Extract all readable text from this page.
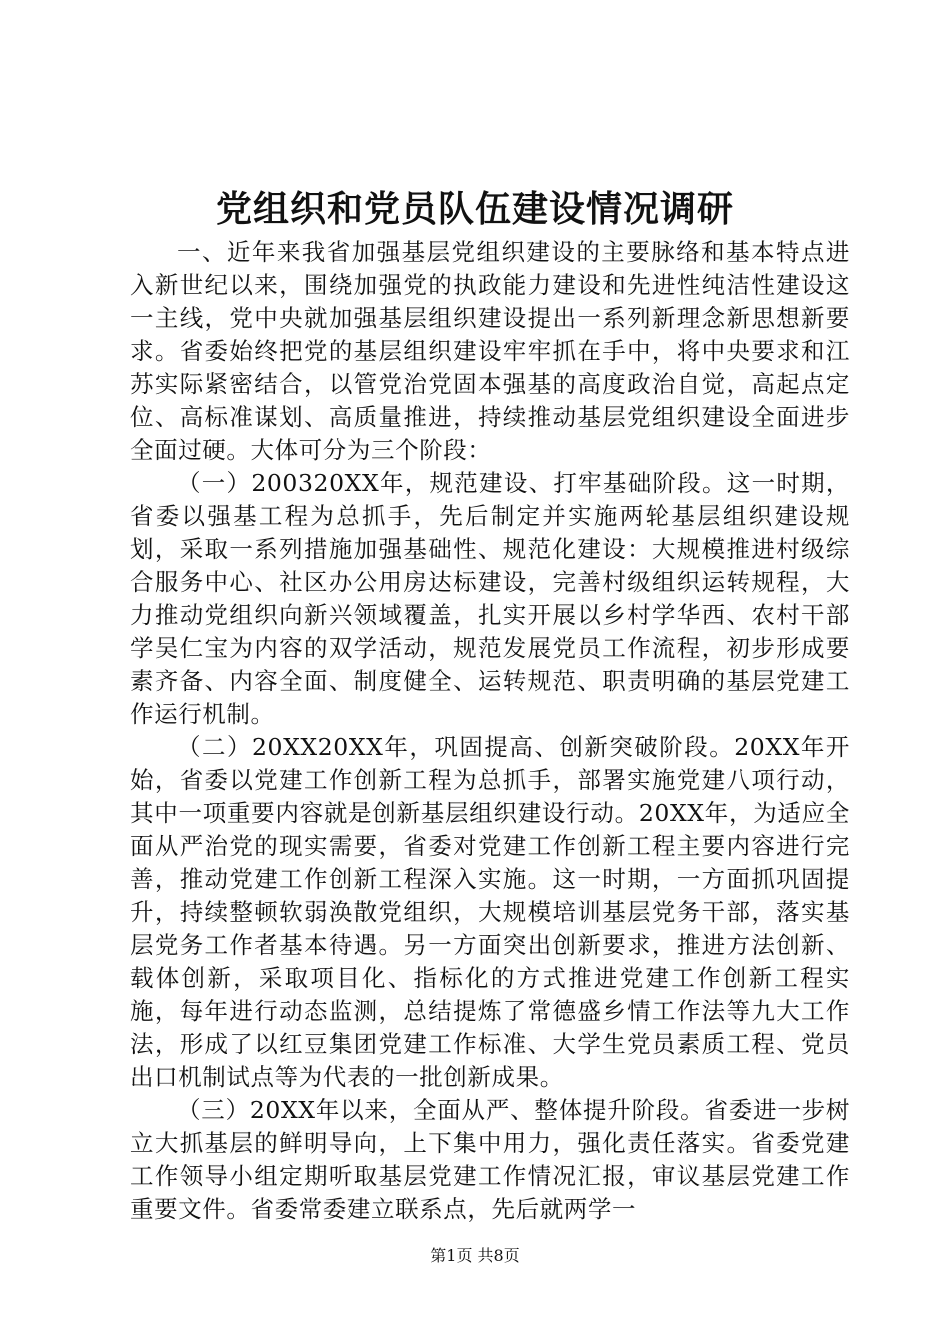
党组织和党员队伍建设情况调研

一、近年来我省加强基层党组织建设的主要脉络和基本特点进入新世纪以来，围绕加强党的执政能力建设和先进性纯洁性建设这一主线，党中央就加强基层组织建设提出一系列新理念新思想新要求。省委始终把党的基层组织建设牢牢抓在手中，将中央要求和江苏实际紧密结合，以管党治党固本强基的高度政治自觉，高起点定位、高标准谋划、高质量推进，持续推动基层党组织建设全面进步全面过硬。大体可分为三个阶段：

（一）200320XX年，规范建设、打牢基础阶段。这一时期，省委以强基工程为总抓手，先后制定并实施两轮基层组织建设规划，采取一系列措施加强基础性、规范化建设：大规模推进村级综合服务中心、社区办公用房达标建设，完善村级组织运转规程，大力推动党组织向新兴领域覆盖，扎实开展以乡村学华西、农村干部学吴仁宝为内容的双学活动，规范发展党员工作流程，初步形成要素齐备、内容全面、制度健全、运转规范、职责明确的基层党建工作运行机制。

（二）20XX20XX年，巩固提高、创新突破阶段。20XX年开始，省委以党建工作创新工程为总抓手，部署实施党建八项行动，其中一项重要内容就是创新基层组织建设行动。20XX年，为适应全面从严治党的现实需要，省委对党建工作创新工程主要内容进行完善，推动党建工作创新工程深入实施。这一时期，一方面抓巩固提升，持续整顿软弱涣散党组织，大规模培训基层党务干部，落实基层党务工作者基本待遇。另一方面突出创新要求，推进方法创新、载体创新，采取项目化、指标化的方式推进党建工作创新工程实施，每年进行动态监测，总结提炼了常德盛乡情工作法等九大工作法，形成了以红豆集团党建工作标准、大学生党员素质工程、党员出口机制试点等为代表的一批创新成果。

（三）20XX年以来，全面从严、整体提升阶段。省委进一步树立大抓基层的鲜明导向，上下集中用力，强化责任落实。省委党建工作领导小组定期听取基层党建工作情况汇报，审议基层党建工作重要文件。省委常委建立联系点，先后就两学一

第1页 共8页
